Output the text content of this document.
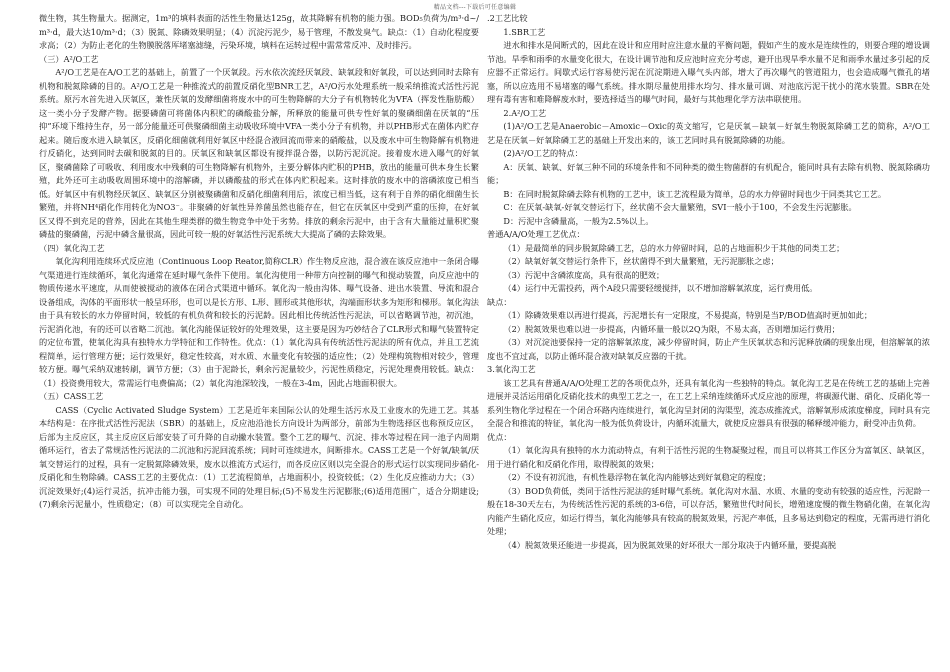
精品文档---下载后可任意编辑

微生物，其生物量大。据测定，1m³的填料表面的活性生物量达125g，故其降解有机物的能力强。BOD₅负荷为/m³·d~/ m³·d，最大达10/m³·d；（3）脱氮、除磷效果明显；（4）沉淀污泥少，易于管理，不散发臭气。缺点：（1）自动化程度要求高；（2）为防止老化的生物膜脱落厍堵塞滤缝，污染环境，填料在运转过程中需常常反冲、及时排污。

（三）A²/O工艺

A²/O工艺是在A/O工艺的基础上，前置了一个厌氧段。污水依次流经厌氧段、缺氧段和好氧段，可以达到同时去除有机物和脱氮除磷的目的。A²/O工艺是一种推流式的前置反硝化型BNR工艺，A²/O污水处理系统一般采纳推流式活性污泥系统。原污水首先进入厌氧区，兼性厌氧的发酵细菌将废水中的可生物降解的大分子有机物转化为VFA（挥发性脂肪酸）这一类小分子发酵产物。据要磷菌可将菌体内积贮的磷酸盐分解，所释放的能量可供专性好氧的聚磷细菌在厌氧的“压抑”环境下维持生存，另一部分能量还可供聚磷细菌主动吸收环境中VFA一类小分子有机物，并以PHB形式在菌体内贮存起来。随后废水进入缺氧区，反硝化细菌就利用好氧区中经混合液回流而带来的硝酸盐，以及废水中可生物降解有机物进行反硝化，达到同时去碳和脱氮的目的。厌氧区和缺氧区都设有搅拌混合器，以防污泥沉淀。接着废水进入曝气的好氧区，聚磷菌除了可吸收、利用废水中残剩的可生物降解有机物外，主要分解体内贮积的PHB，放出的能量可供本身生长繁殖，此外还可主动吸收周围环境中的溶解磷，并以磷酸盐的形式在体内贮积起来。这时排放的废水中的溶磷浓度已相当低。好氧区中有机物经厌氧区、缺氧区分别被聚磷菌和反硝化细菌利用后，浓度已相当低，这有利于自养的硝化细菌生长繁殖，并将NH⁴硝化作用转化为NO3⁻。非聚磷的好氧性异养菌虽然也能存在，但它在厌氧区中受到严重的压抑，在好氧区又得不到充足的营养，因此在其他生理类群的微生物竞争中处于劣势。排放的剩余污泥中，由于含有大量能过量积贮聚磷盐的聚磷菌，污泥中磷含量很高，因此可较一般的好氧活性污泥系统大大提高了磷的去除效果。

（四）氧化沟工艺

氧化沟利用连续环式反应池（Continuous Loop Reator,简称CLR）作生物反应池，混合液在该反应池中一条闭合曝气渠道进行连续循环，氧化沟通常在延时曝气条件下使用。氧化沟使用一种带方向控制的曝气和搅动装置，向反应池中的物质传递水平速度，从而使被搅动的液体在闭合式渠道中循环。氧化沟一般由沟体、曝气设备、进出水装置、导流和混合设备组成，沟体的平面形状一般呈环形，也可以是长方形、L形、圆形或其他形状，沟端面形状多为矩形和梯形。氧化沟法由于具有较长的水力停留时间，较低的有机负荷和较长的污泥龄。因此相比传统活性污泥法，可以省略调节池，初沉池，污泥消化池，有的还可以省略二沉池。氧化沟能保证较好的处理效果，这主要是因为巧妙结合了CLR形式和曝气装置特定的定位布置，使氧化沟具有独特水力学特征和工作特性。优点：（1）氧化沟具有传统活性污泥法的所有优点，并且工艺流程简单，运行管理方便；运行效果好，稳定性较高，对水质、水量变化有较强的适应性；（2）处理构筑物相对较少，管理较方便。曝气采纳双速转刷，调节方便；（3）由于泥龄长，剩余污泥量较少，污泥性质稳定，污泥处理费用较低。缺点：（1）投资费用较大，常需运行电费偏高；（2）氧化沟池深较浅，一般在3-4m，因此占地面积很大。

（五）CASS工艺

CASS（Cyclic Activated Sludge System）工艺是近年来国际公认的处理生活污水及工业废水的先进工艺。其基本结构是：在序批式活性污泥法（SBR）的基础上，反应池沿池长方向设计为两部分，前部为生物选择区也称预反应区，后部为主反应区，其主反应区后部安装了可升降的自动撇水装置。整个工艺的曝气、沉淀、排水等过程在同一池子内周期循环运行，省去了常规活性污泥法的二沉池和污泥回流系统；同时可连续进水，间断排水。CASS工艺是一个好氧/缺氧/厌氧交替运行的过程，具有一定脱氮除磷效果，废水以推流方式运行，而各反应区则以完全混合的形式运行以实现同步硝化-反硝化和生物除磷。CASS工艺的主要优点：（1）工艺流程简单，占地面积小，投资较低；（2）生化反应推动力大；（3）沉淀效果好;(4)运行灵活，抗冲击能力强，可实现不同的处理目标;(5)不易发生污泥膨胀;(6)适用范围广，适合分期建设;(7)剩余污泥量小，性质稳定；（8）可以实现完全自动化。

.2工艺比较

1.SBR工艺

进水和排水是间断式的，因此在设计和应用时应注意水量的平衡问题，假如产生的废水是连续性的，则要合理的增设调节池。旱季和雨季的水量变化很大，在设计调节池和反应池时应充分考虑，避开出现旱季水量不足和雨季水量过多引起的反应器不正常运行。间歇式运行容易使污泥在沉淀期进入曝气头内部，增大了再次曝气的管道阻力，也会造成曝气微孔的堵塞，所以应选用不易堵塞的曝气系统。排水期尽量使用排水均匀、排水量可调、对池底污泥干扰小的滗水装置。SBR在处理有毒有害和难降解废水时，要选择适当的曝气时间，最好与其他理化学方法串联使用。

2.A²/O工艺

(1)A²/O工艺是Anaerobic－Amoxic－Oxic的英文缩写，它是厌氧－缺氧－好氧生物脱氮除磷工艺的简称，A²/O工艺是在厌氧－好氧除磷工艺的基础上开发出来的，该工艺同时具有脱氮除磷的功能。

(2)A²/O工艺的特点：

A：厌氧、缺氧、好氧三种不同的环境条件和不同种类的微生物菌群的有机配合，能同时具有去除有机物、脱氮除磷功能；

B：在同时脱氮除磷去除有机物的工艺中，该工艺流程最为简单，总的水力停留时间也少于同类其它工艺。

C：在厌氧-缺氧-好氧交替运行下，丝状菌不会大量繁殖，SVI一般小于100，不会发生污泥膨胀。

D：污泥中含磷量高，一般为2.5%以上。

普通A/A/O处理工艺优点：

（1）是最简单的同步脱氮除磷工艺，总的水力停留时间，总的占地面积少于其他的同类工艺；

（2）缺氧好氧交替运行条件下，丝状菌得不到大量繁殖，无污泥膨胀之虑；

（3）污泥中含磷浓度高，具有很高的肥效；

（4）运行中无需投药，两个A段只需要轻缓搅拌，以不增加溶解氧浓度，运行费用低。

缺点：

（1）除磷效果难以再进行提高，污泥增长有一定限度，不易提高，特别是当P/BOD值高时更加如此；

（2）脱氮效果也难以进一步提高，内循环量一般以2Q为限，不易太高，否则增加运行费用；

（3）对沉淀池要保持一定的溶解氧浓度，减少停留时间，防止产生厌氧状态和污泥释放磷的现象出现，但溶解氧的浓度也不宜过高，以防止循环混合液对缺氧反应器的干扰。

3.氧化沟工艺

该工艺具有普通A/A/O处理工艺的各项优点外，还具有氧化沟一些独特的特点。氧化沟工艺是在传统工艺的基础上完善进展并灵活运用硝化反硝化技术的典型工艺之一，在工艺上采纳连续循环式反应池的原理，将碳源代谢、硝化、反硝化等一系列生物化学过程在一个闭合环路内连续进行，氧化沟呈封闭的沟渠型，流态成推流式，溶解氧形成浓度梯度，同时具有完全混合和推流的特征，氧化沟一般为低负荷设计，内循环流量大，就使反应器具有很强的稀释缓冲能力，耐受冲击负荷。

优点：

（1）氧化沟具有独特的水力流动特点，有利于活性污泥的生物凝聚过程，而且可以将其工作区分为富氧区、缺氧区，用于进行硝化和反硝化作用，取得脱氮的效果；

（2）不设有初沉池，有机性悬浮物在氧化沟内能够达到好氧稳定的程度；

（3）BOD负荷低，类同于活性污泥法的延时曝气系统。氧化沟对水温、水质、水量的变动有较强的适应性，污泥龄一般在18-30天左右，为传统活性污泥的系统的3-6倍，可以存活，繁殖世代时间长，增殖速度慢的微生物硝化菌，在氧化沟内能产生硝化反应，如运行得当，氧化沟能够具有较高的脱氮效果，污泥产率低，且多易达到稳定的程度，无需再进行消化处理；

（4）脱氮效果还能进一步提高，因为脱氮效果的好坏很大一部分取决于内循环量，要提高脱
